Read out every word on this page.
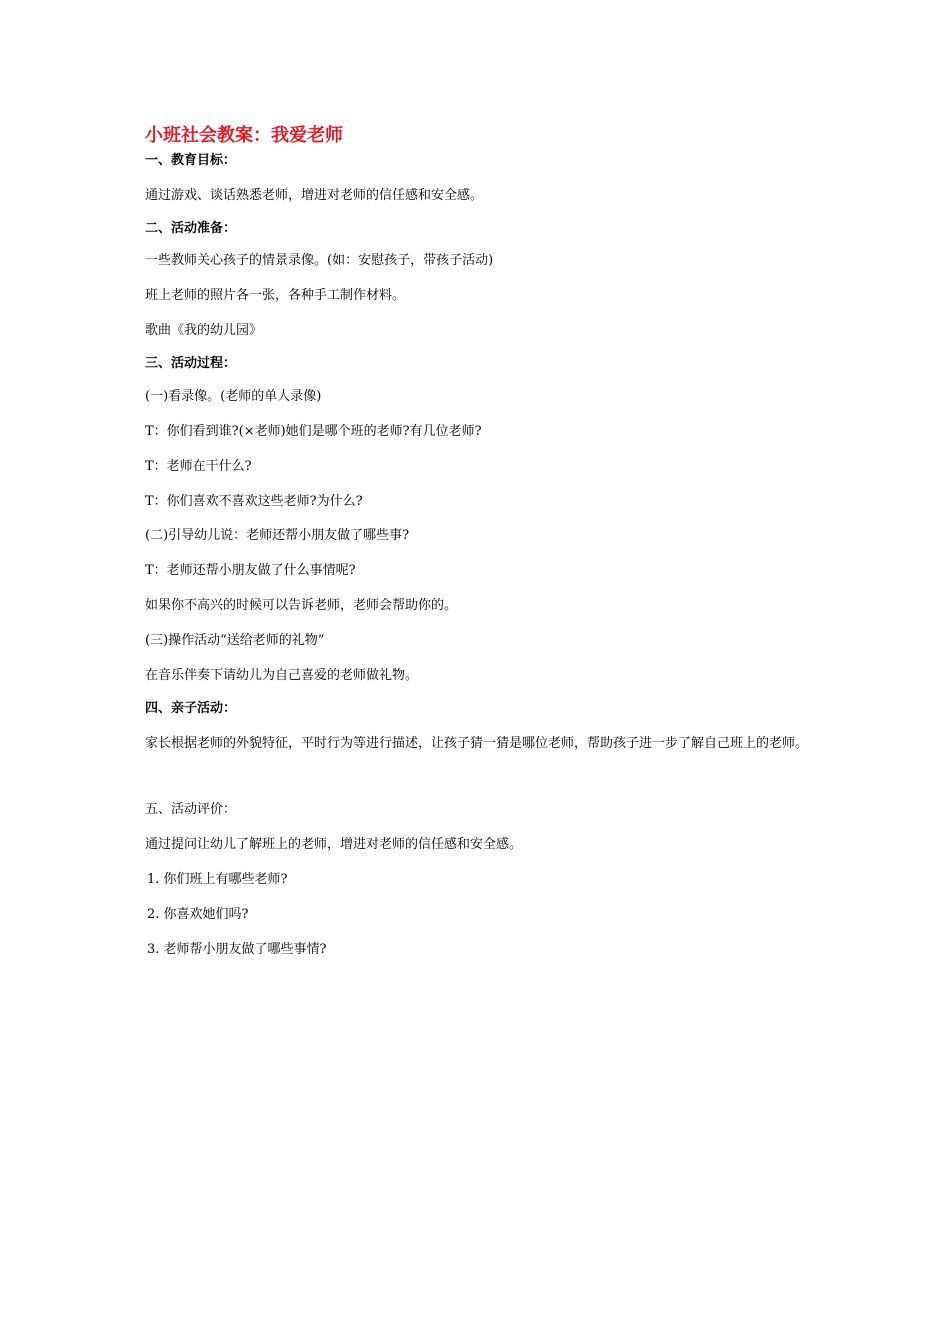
小班社会教案：我爱老师
一、教育目标：
通过游戏、谈话熟悉老师，增进对老师的信任感和安全感。
二、活动准备：
一些教师关心孩子的情景录像。(如：安慰孩子，带孩子活动)
班上老师的照片各一张，各种手工制作材料。
歌曲《我的幼儿园》
三、活动过程：
(一)看录像。(老师的单人录像)
T：你们看到谁?(×老师)她们是哪个班的老师?有几位老师?
T：老师在干什么?
T：你们喜欢不喜欢这些老师?为什么?
(二)引导幼儿说：老师还帮小朋友做了哪些事?
T：老师还帮小朋友做了什么事情呢?
如果你不高兴的时候可以告诉老师，老师会帮助你的。
(三)操作活动“送给老师的礼物”
在音乐伴奏下请幼儿为自己喜爱的老师做礼物。
四、亲子活动：
家长根据老师的外貌特征，平时行为等进行描述，让孩子猜一猜是哪位老师，帮助孩子进一步了解自己班上的老师。
五、活动评价：
通过提问让幼儿了解班上的老师，增进对老师的信任感和安全感。
1. 你们班上有哪些老师?
2. 你喜欢她们吗?
3. 老师帮小朋友做了哪些事情?
